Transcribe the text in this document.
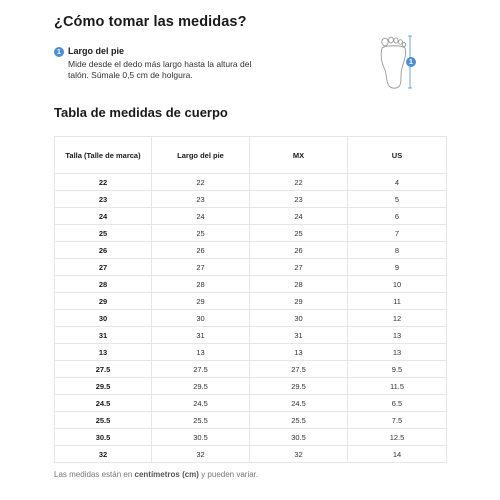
¿Cómo tomar las medidas?
1 Largo del pie
Mide desde el dedo más largo hasta la altura del talón. Súmale 0,5 cm de holgura.
1
Tabla de medidas de cuerpo
Talla (Talle de marca)	Largo del pie	MX	US
22	22	22	4
23	23	23	5
24	24	24	6
25	25	25	7
26	26	26	8
27	27	27	9
28	28	28	10
29	29	29	11
30	30	30	12
31	31	31	13
13	13	13	13
27.5	27.5	27.5	9.5
29.5	29.5	29.5	11.5
24.5	24.5	24.5	6.5
25.5	25.5	25.5	7.5
30.5	30.5	30.5	12.5
32	32	32	14

Las medidas están en centímetros (cm) y pueden variar.
